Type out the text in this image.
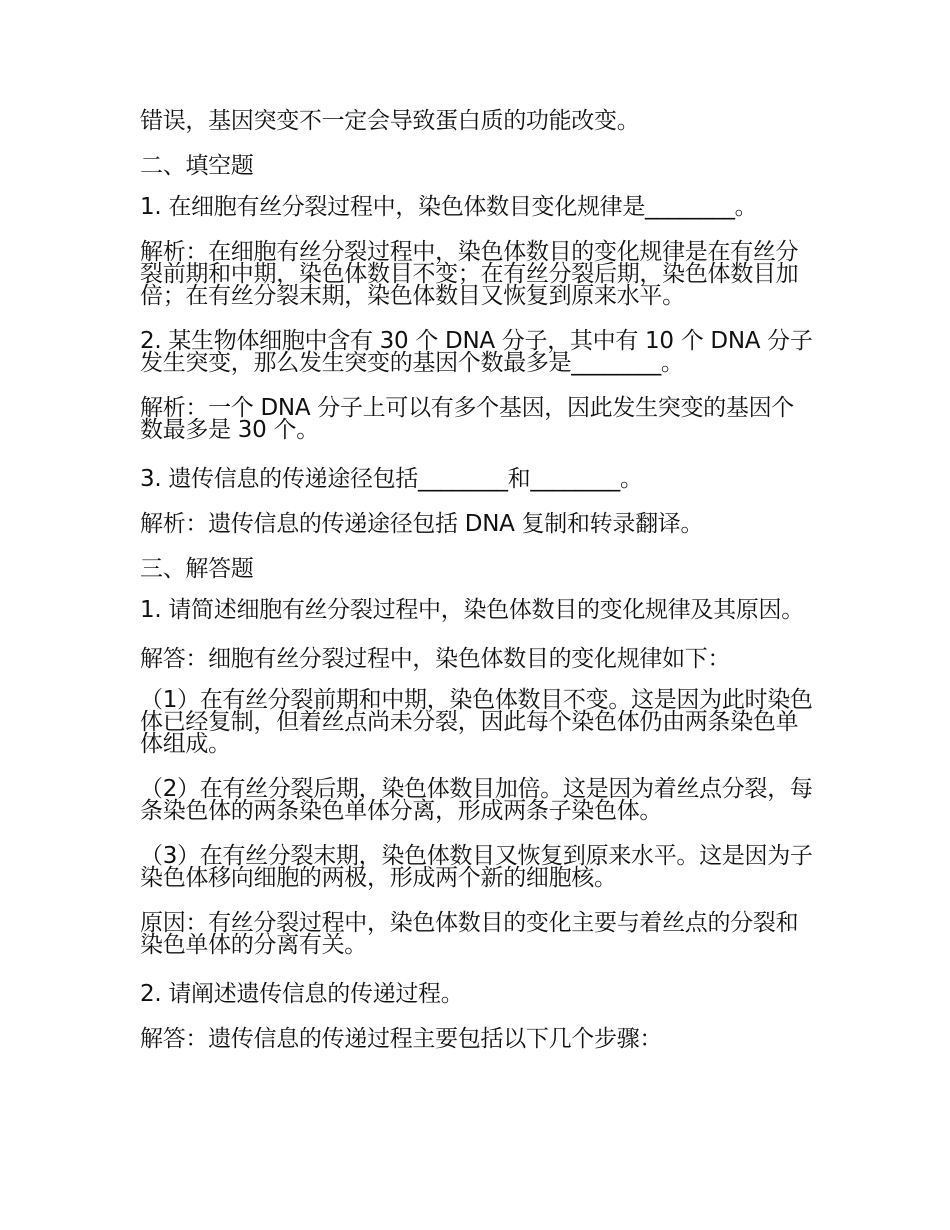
错误，基因突变不一定会导致蛋白质的功能改变。

二、填空题

1. 在细胞有丝分裂过程中，染色体数目变化规律是________。

解析：在细胞有丝分裂过程中，染色体数目的变化规律是在有丝分裂前期和中期，染色体数目不变；在有丝分裂后期，染色体数目加倍；在有丝分裂末期，染色体数目又恢复到原来水平。

2. 某生物体细胞中含有 30 个 DNA 分子，其中有 10 个 DNA 分子发生突变，那么发生突变的基因个数最多是________。

解析：一个 DNA 分子上可以有多个基因，因此发生突变的基因个数最多是 30 个。

3. 遗传信息的传递途径包括________和________。

解析：遗传信息的传递途径包括 DNA 复制和转录翻译。

三、解答题

1. 请简述细胞有丝分裂过程中，染色体数目的变化规律及其原因。

解答：细胞有丝分裂过程中，染色体数目的变化规律如下：

（1）在有丝分裂前期和中期，染色体数目不变。这是因为此时染色体已经复制，但着丝点尚未分裂，因此每个染色体仍由两条染色单体组成。

（2）在有丝分裂后期，染色体数目加倍。这是因为着丝点分裂，每条染色体的两条染色单体分离，形成两条子染色体。

（3）在有丝分裂末期，染色体数目又恢复到原来水平。这是因为子染色体移向细胞的两极，形成两个新的细胞核。

原因：有丝分裂过程中，染色体数目的变化主要与着丝点的分裂和染色单体的分离有关。

2. 请阐述遗传信息的传递过程。

解答：遗传信息的传递过程主要包括以下几个步骤：
